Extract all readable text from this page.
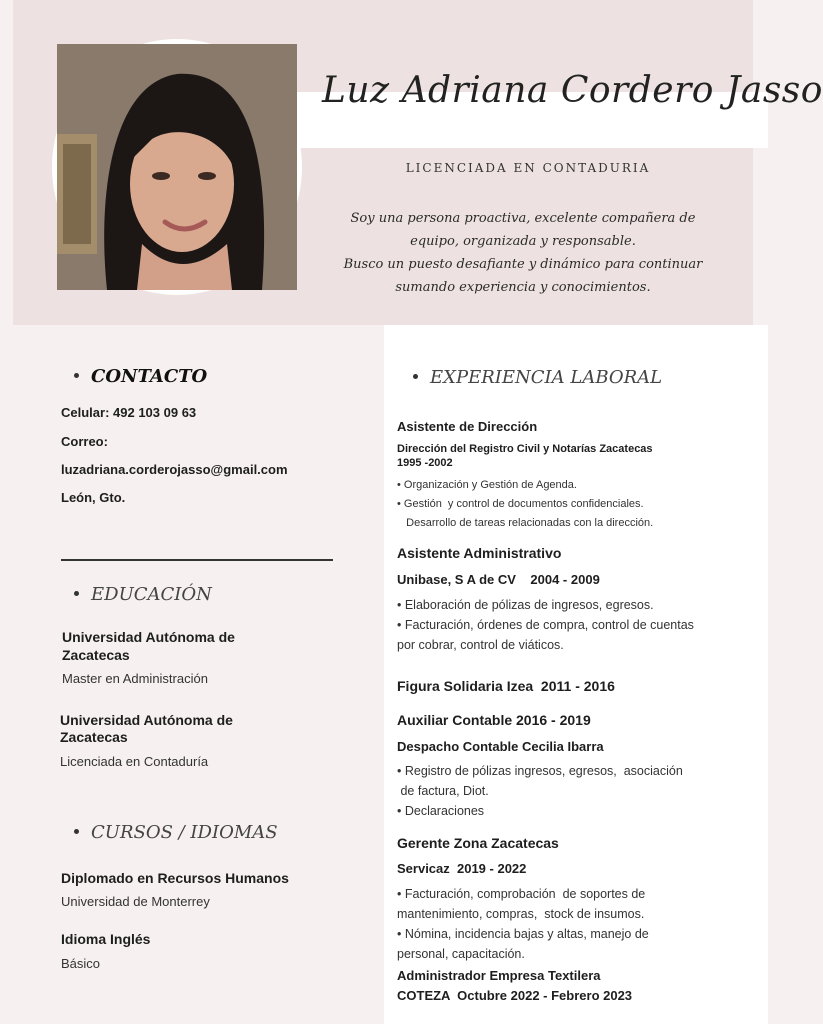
Luz Adriana Cordero Jasso
LICENCIADA EN CONTADURIA
Soy una persona proactiva, excelente compañera de
equipo, organizada y responsable.
Busco un puesto desafiante y dinámico para continuar
sumando experiencia y conocimientos.
CONTACTO
Celular: 492 103 09 63
Correo:
luzadriana.corderojasso@gmail.com
León, Gto.
EDUCACIÓN
Universidad Autónoma de
Zacatecas
Master en Administración
Universidad Autónoma de
Zacatecas
Licenciada en Contaduría
CURSOS / IDIOMAS
Diplomado en Recursos Humanos
Universidad de Monterrey
Idioma Inglés
Básico
EXPERIENCIA LABORAL
Asistente de Dirección
Dirección del Registro Civil y Notarías Zacatecas
1995 -2002
• Organización y Gestión de Agenda.
• Gestión  y control de documentos confidenciales.
Desarrollo de tareas relacionadas con la dirección.
Asistente Administrativo
Unibase, S A de CV    2004 - 2009
• Elaboración de pólizas de ingresos, egresos.
• Facturación, órdenes de compra, control de cuentas
por cobrar, control de viáticos.
Figura Solidaria Izea  2011 - 2016
Auxiliar Contable 2016 - 2019
Despacho Contable Cecilia Ibarra
• Registro de pólizas ingresos, egresos,  asociación
de factura, Diot.
• Declaraciones
Gerente Zona Zacatecas
Servicaz  2019 - 2022
• Facturación, comprobación  de soportes de
mantenimiento, compras,  stock de insumos.
• Nómina, incidencia bajas y altas, manejo de
personal, capacitación.
Administrador Empresa Textilera
COTEZA  Octubre 2022 - Febrero 2023
